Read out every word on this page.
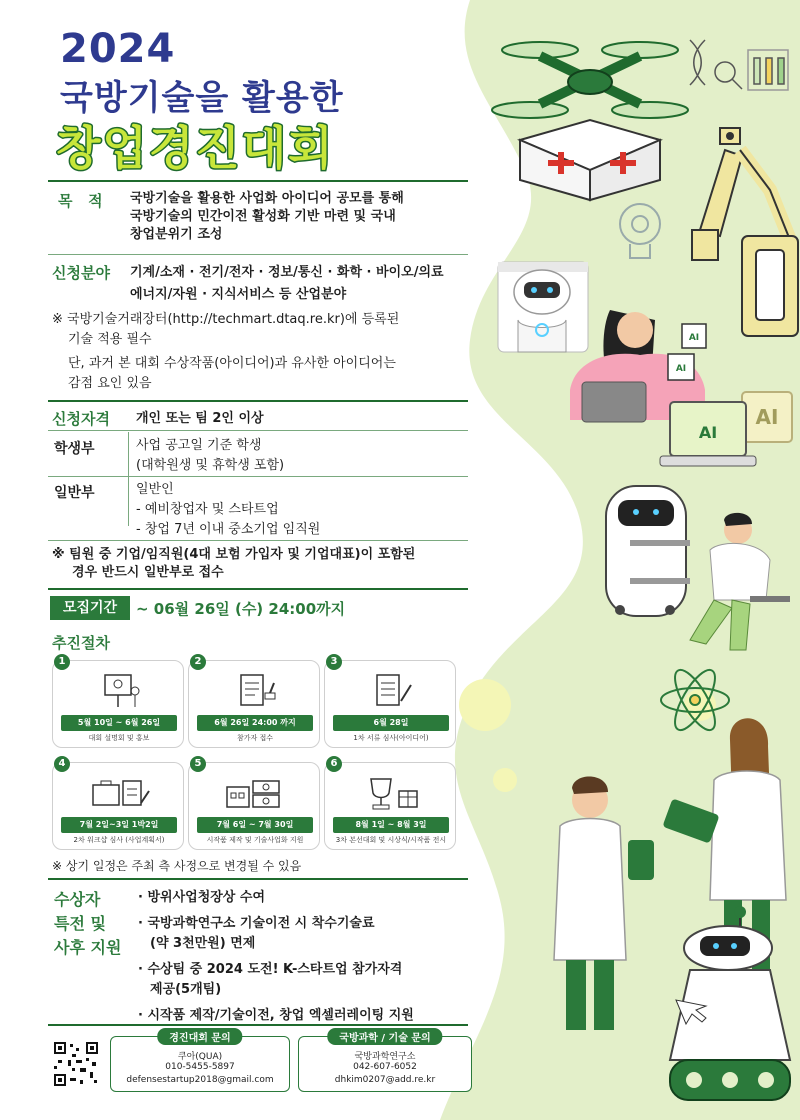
2024
국방기술을 활용한
창업경진대회
목   적 국방기술을 활용한 사업화 아이디어 공모를 통해
국방기술의 민간이전 활성화 기반 마련 및 국내
창업분위기 조성
신청분야 기계/소재 · 전기/전자 · 정보/통신 · 화학 · 바이오/의료
에너지/자원 · 지식서비스 등 산업분야
※ 국방기술거래장터(http://techmart.dtaq.re.kr)에 등록된
기술 적용 필수
단, 과거 본 대회 수상작품(아이디어)과 유사한 아이디어는
감점 요인 있음
신청자격 개인 또는 팀 2인 이상
학생부	사업 공고일 기준 학생
(대학원생 및 휴학생 포함)
일반부	일반인
- 예비창업자 및 스타트업
- 창업 7년 이내 중소기업 임직원
※ 팀원 중 기업/임직원(4대 보험 가입자 및 기업대표)이 포함된
경우 반드시 일반부로 접수
모집기간	~ 06월 26일 (수) 24:00까지
추진절차
5월 10일 ~ 6월 26일
대회 설명회 및 홍보
1
6월 26일 24:00 까지
참가자 접수
2
6월 28일
1차 서류 심사(아이디어)
3
7월 2일~3일 1박2일
2차 워크샵 심사 (사업계획서)
4
7월 6일 ~ 7월 30일
시작품 제작 및 기술사업화 지원
5
8월 1일 ~ 8월 3일
3차 본선대회 및 시상식/시작품 전시
6
※ 상기 일정은 주최 측 사정으로 변경될 수 있음
수상자
특전 및
사후 지원
· 방위사업청장상 수여
· 국방과학연구소 기술이전 시 착수기술료
(약 3천만원) 면제
· 수상팀 중 2024 도전! K-스타트업 참가자격
제공(5개팀)
· 시작품 제작/기술이전, 창업 엑셀러레이팅 지원
경진대회 문의
쿠아(QUA)
010-5455-5897
defensestartup2018@gmail.com
국방과학 / 기술 문의
국방과학연구소
042-607-6052
dhkim0207@add.re.kr
AI
AI
AI
AI
